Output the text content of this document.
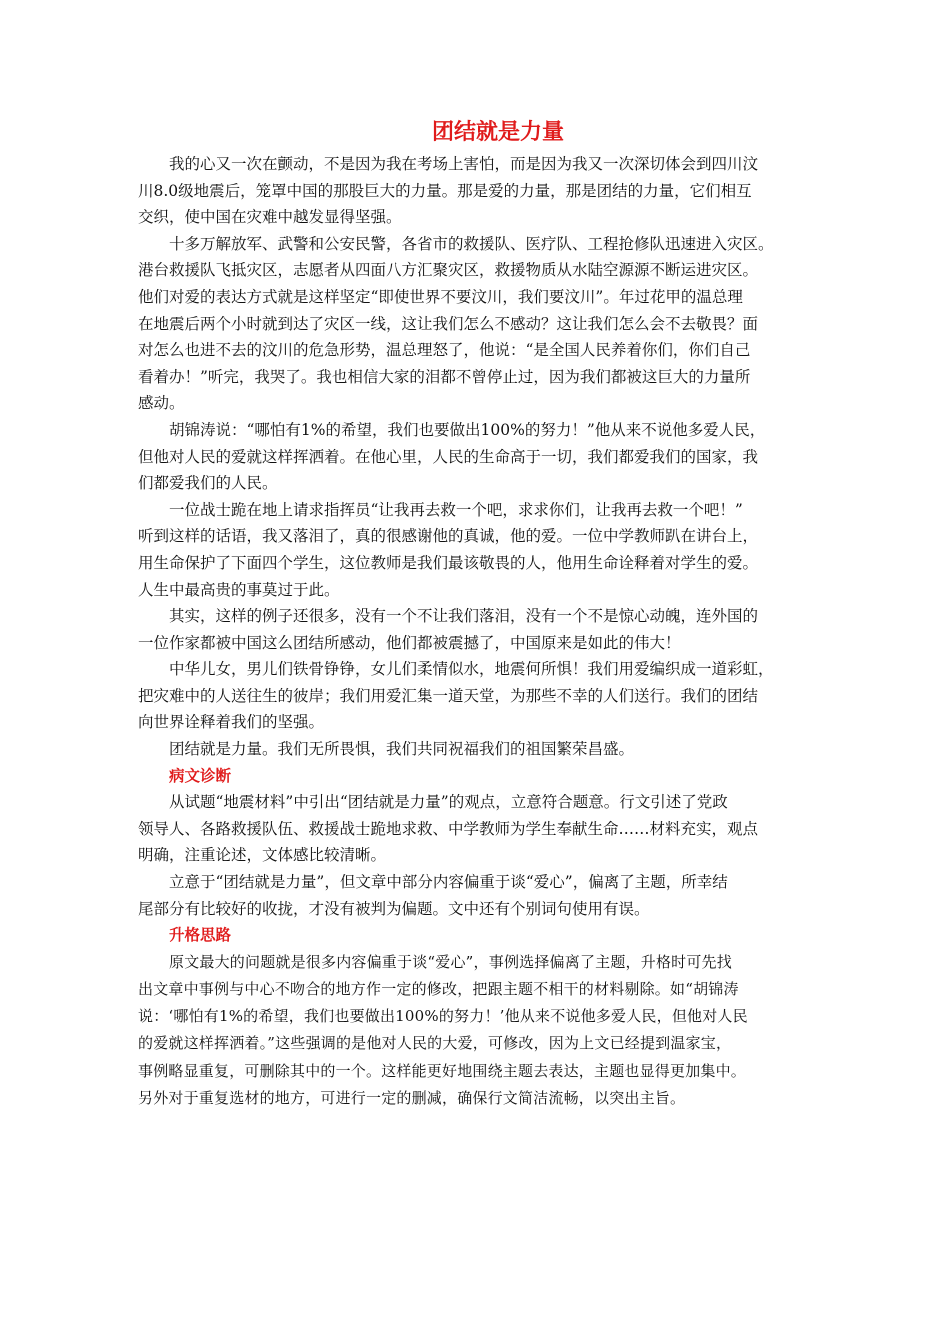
团结就是力量
我的心又一次在颤动，不是因为我在考场上害怕，而是因为我又一次深切体会到四川汶
川8.0级地震后，笼罩中国的那股巨大的力量。那是爱的力量，那是团结的力量，它们相互
交织，使中国在灾难中越发显得坚强。
十多万解放军、武警和公安民警，各省市的救援队、医疗队、工程抢修队迅速进入灾区。
港台救援队飞抵灾区，志愿者从四面八方汇聚灾区，救援物质从水陆空源源不断运进灾区。
他们对爱的表达方式就是这样坚定“即使世界不要汶川，我们要汶川”。年过花甲的温总理
在地震后两个小时就到达了灾区一线，这让我们怎么不感动？这让我们怎么会不去敬畏？面
对怎么也进不去的汶川的危急形势，温总理怒了，他说：“是全国人民养着你们，你们自己
看着办！”听完，我哭了。我也相信大家的泪都不曾停止过，因为我们都被这巨大的力量所
感动。
胡锦涛说：“哪怕有1%的希望，我们也要做出100%的努力！”他从来不说他多爱人民，
但他对人民的爱就这样挥洒着。在他心里，人民的生命高于一切，我们都爱我们的国家，我
们都爱我们的人民。
一位战士跪在地上请求指挥员“让我再去救一个吧，求求你们，让我再去救一个吧！”
听到这样的话语，我又落泪了，真的很感谢他的真诚，他的爱。一位中学教师趴在讲台上，
用生命保护了下面四个学生，这位教师是我们最该敬畏的人，他用生命诠释着对学生的爱。
人生中最高贵的事莫过于此。
其实，这样的例子还很多，没有一个不让我们落泪，没有一个不是惊心动魄，连外国的
一位作家都被中国这么团结所感动，他们都被震撼了，中国原来是如此的伟大！
中华儿女，男儿们铁骨铮铮，女儿们柔情似水，地震何所惧！我们用爱编织成一道彩虹，
把灾难中的人送往生的彼岸；我们用爱汇集一道天堂，为那些不幸的人们送行。我们的团结
向世界诠释着我们的坚强。
团结就是力量。我们无所畏惧，我们共同祝福我们的祖国繁荣昌盛。
病文诊断
从试题“地震材料”中引出“团结就是力量”的观点，立意符合题意。行文引述了党政
领导人、各路救援队伍、救援战士跪地求救、中学教师为学生奉献生命……材料充实，观点
明确，注重论述，文体感比较清晰。
立意于“团结就是力量”，但文章中部分内容偏重于谈“爱心”，偏离了主题，所幸结
尾部分有比较好的收拢，才没有被判为偏题。文中还有个别词句使用有误。
升格思路
原文最大的问题就是很多内容偏重于谈“爱心”，事例选择偏离了主题，升格时可先找
出文章中事例与中心不吻合的地方作一定的修改，把跟主题不相干的材料剔除。如“胡锦涛
说：‘哪怕有1%的希望，我们也要做出100%的努力！’他从来不说他多爱人民，但他对人民
的爱就这样挥洒着。”这些强调的是他对人民的大爱，可修改，因为上文已经提到温家宝，
事例略显重复，可删除其中的一个。这样能更好地围绕主题去表达，主题也显得更加集中。
另外对于重复选材的地方，可进行一定的删减，确保行文简洁流畅，以突出主旨。
